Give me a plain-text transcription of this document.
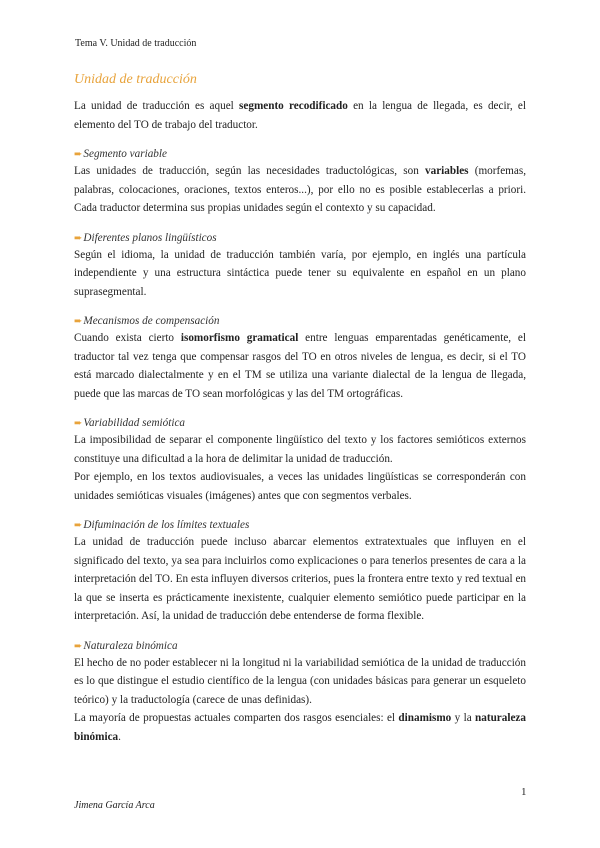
Tema V. Unidad de traducción
Unidad de traducción

La unidad de traducción es aquel segmento recodificado en la lengua de llegada, es decir, el elemento del TO de trabajo del traductor.

➨Segmento variable

Las unidades de traducción, según las necesidades traductológicas, son variables (morfemas, palabras, colocaciones, oraciones, textos enteros...), por ello no es posible establecerlas a priori. Cada traductor determina sus propias unidades según el contexto y su capacidad.

➨Diferentes planos lingüísticos

Según el idioma, la unidad de traducción también varía, por ejemplo, en inglés una partícula independiente y una estructura sintáctica puede tener su equivalente en español en un plano suprasegmental.

➨Mecanismos de compensación

Cuando exista cierto isomorfismo gramatical entre lenguas emparentadas genéticamente, el traductor tal vez tenga que compensar rasgos del TO en otros niveles de lengua, es decir, si el TO está marcado dialectalmente y en el TM se utiliza una variante dialectal de la lengua de llegada, puede que las marcas de TO sean morfológicas y las del TM ortográficas.

➨Variabilidad semiótica

La imposibilidad de separar el componente lingüístico del texto y los factores semióticos externos constituye una dificultad a la hora de delimitar la unidad de traducción.

Por ejemplo, en los textos audiovisuales, a veces las unidades lingüísticas se corresponderán con unidades semióticas visuales (imágenes) antes que con segmentos verbales.

➨Difuminación de los límites textuales

La unidad de traducción puede incluso abarcar elementos extratextuales que influyen en el significado del texto, ya sea para incluirlos como explicaciones o para tenerlos presentes de cara a la interpretación del TO. En esta influyen diversos criterios, pues la frontera entre texto y red textual en la que se inserta es prácticamente inexistente, cualquier elemento semiótico puede participar en la interpretación. Así, la unidad de traducción debe entenderse de forma flexible.

➨Naturaleza binómica

El hecho de no poder establecer ni la longitud ni la variabilidad semiótica de la unidad de traducción es lo que distingue el estudio científico de la lengua (con unidades básicas para generar un esqueleto teórico) y la traductología (carece de unas definidas).

La mayoría de propuestas actuales comparten dos rasgos esenciales: el dinamismo y la naturaleza binómica.

1
Jimena García Arca
